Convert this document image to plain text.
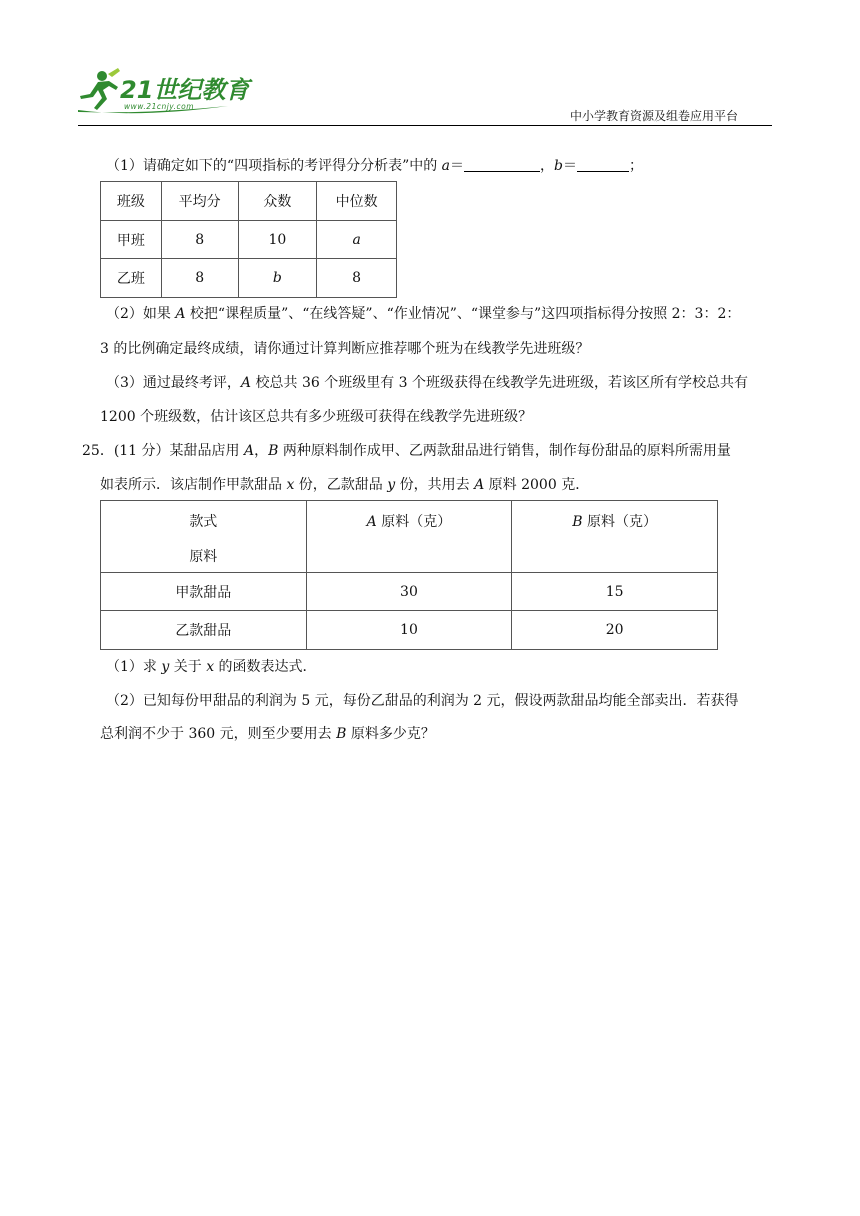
21世纪教育
www.21cnjy.com
中小学教育资源及组卷应用平台
（1）请确定如下的“四项指标的考评得分分析表”中的 a＝	，b＝	；
班级	平均分	众数	中位数
甲班	8	10	a
乙班	8	b	8
（2）如果 A 校把“课程质量”、“在线答疑”、“作业情况”、“课堂参与”这四项指标得分按照 2：3：2：
3 的比例确定最终成绩，请你通过计算判断应推荐哪个班为在线教学先进班级？
（3）通过最终考评，A 校总共 36 个班级里有 3 个班级获得在线教学先进班级，若该区所有学校总共有
1200 个班级数，估计该区总共有多少班级可获得在线教学先进班级？
25．(11 分）某甜品店用 A，B 两种原料制作成甲、乙两款甜品进行销售，制作每份甜品的原料所需用量
如表所示．该店制作甲款甜品 x 份，乙款甜品 y 份，共用去 A 原料 2000 克．
款式
原料	A 原料（克）	B 原料（克）

甲款甜品	30	15
乙款甜品	10	20
（1）求 y 关于 x 的函数表达式．
（2）已知每份甲甜品的利润为 5 元，每份乙甜品的利润为 2 元，假设两款甜品均能全部卖出．若获得
总利润不少于 360 元，则至少要用去 B 原料多少克？
